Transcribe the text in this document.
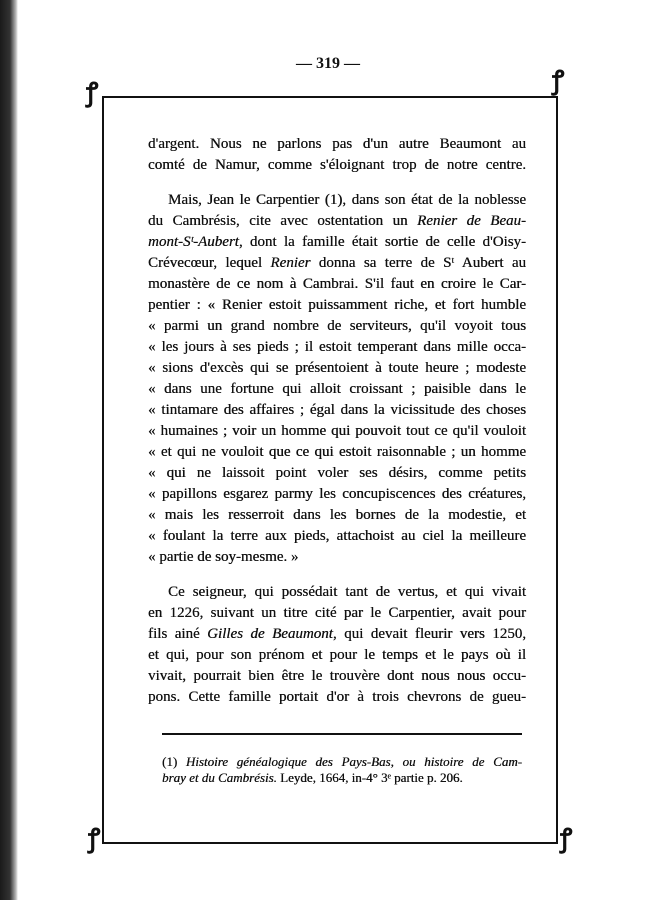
— 319 —
ꝭ	ꝭ
ꝭ	ꝭ
d'argent. Nous ne parlons pas d'un autre Beaumont au
comté de Namur, comme s'éloignant trop de notre centre.
Mais, Jean le Carpentier (1), dans son état de la noblesse
du Cambrésis, cite avec ostentation un Renier de Beau-
mont-Sᵗ-Aubert, dont la famille était sortie de celle d'Oisy-
Crévecœur, lequel Renier donna sa terre de Sᵗ Aubert au
monastère de ce nom à Cambrai. S'il faut en croire le Car-
pentier : « Renier estoit puissamment riche, et fort humble
« parmi un grand nombre de serviteurs, qu'il voyoit tous
« les jours à ses pieds ; il estoit temperant dans mille occa-
« sions d'excès qui se présentoient à toute heure ; modeste
« dans une fortune qui alloit croissant ; paisible dans le
« tintamare des affaires ; égal dans la vicissitude des choses
« humaines ; voir un homme qui pouvoit tout ce qu'il vouloit
« et qui ne vouloit que ce qui estoit raisonnable ; un homme
« qui ne laissoit point voler ses désirs, comme petits
« papillons esgarez parmy les concupiscences des créatures,
« mais les resserroit dans les bornes de la modestie, et
« foulant la terre aux pieds, attachoist au ciel la meilleure
« partie de soy-mesme. »
Ce seigneur, qui possédait tant de vertus, et qui vivait
en 1226, suivant un titre cité par le Carpentier, avait pour
fils ainé Gilles de Beaumont, qui devait fleurir vers 1250,
et qui, pour son prénom et pour le temps et le pays où il
vivait, pourrait bien être le trouvère dont nous nous occu-
pons. Cette famille portait d'or à trois chevrons de gueu-
(1) Histoire généalogique des Pays-Bas, ou histoire de Cam-
bray et du Cambrésis. Leyde, 1664, in-4° 3ᵉ partie p. 206.
